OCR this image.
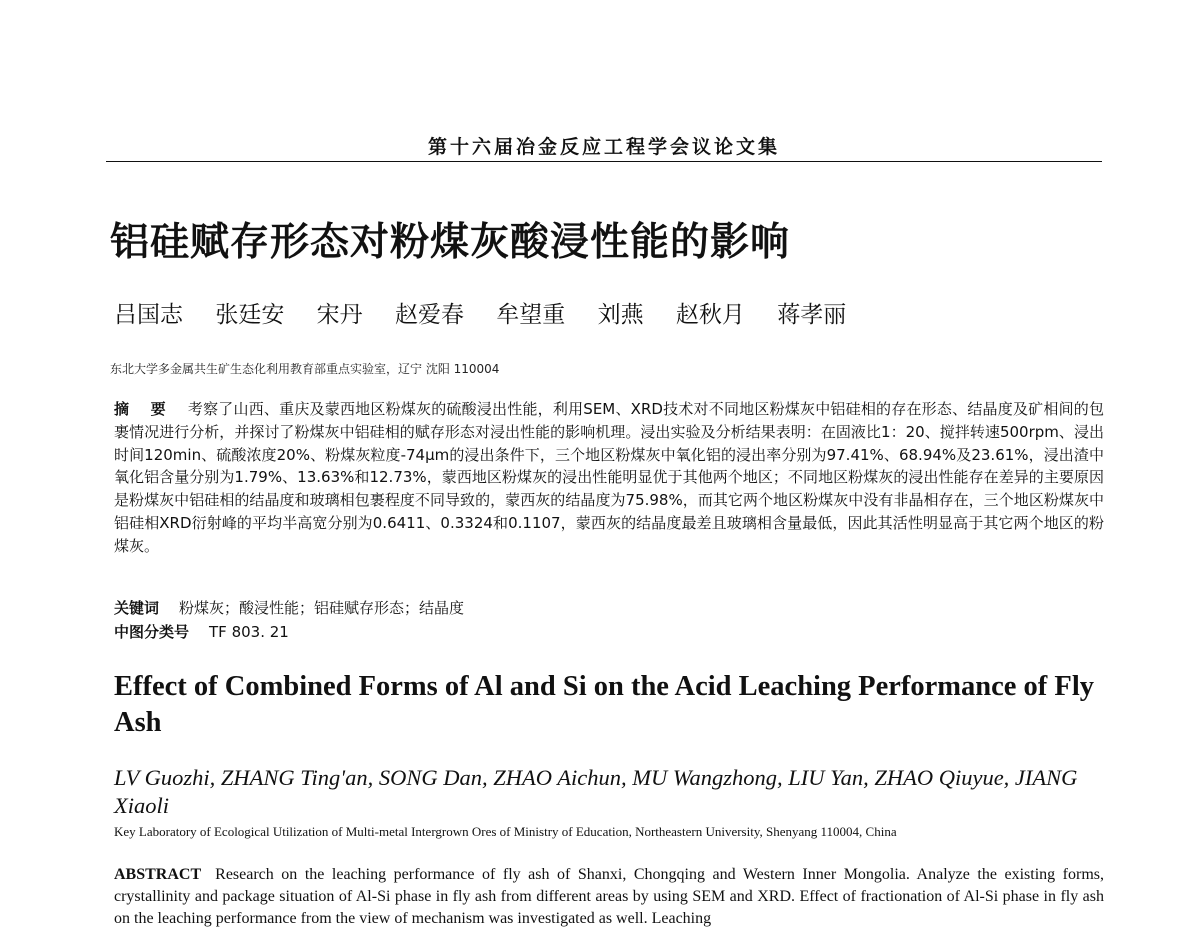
第十六届冶金反应工程学会议论文集
铝硅赋存形态对粉煤灰酸浸性能的影响

吕国志 张廷安 宋丹 赵爱春 牟望重 刘燕 赵秋月 蒋孝丽

东北大学多金属共生矿生态化利用教育部重点实验室，辽宁 沈阳 110004

摘 要 考察了山西、重庆及蒙西地区粉煤灰的硫酸浸出性能，利用SEM、XRD技术对不同地区粉煤灰中铝硅相的存在形态、结晶度及矿相间的包裹情况进行分析，并探讨了粉煤灰中铝硅相的赋存形态对浸出性能的影响机理。浸出实验及分析结果表明：在固液比1：20、搅拌转速500rpm、浸出时间120min、硫酸浓度20%、粉煤灰粒度-74μm的浸出条件下，三个地区粉煤灰中氧化铝的浸出率分别为97.41%、68.94%及23.61%，浸出渣中氧化铝含量分别为1.79%、13.63%和12.73%，蒙西地区粉煤灰的浸出性能明显优于其他两个地区；不同地区粉煤灰的浸出性能存在差异的主要原因是粉煤灰中铝硅相的结晶度和玻璃相包裹程度不同导致的，蒙西灰的结晶度为75.98%，而其它两个地区粉煤灰中没有非晶相存在，三个地区粉煤灰中铝硅相XRD衍射峰的平均半高宽分别为0.6411、0.3324和0.1107，蒙西灰的结晶度最差且玻璃相含量最低，因此其活性明显高于其它两个地区的粉煤灰。

关键词 粉煤灰；酸浸性能；铝硅赋存形态；结晶度
中图分类号 TF 803. 21
Effect of Combined Forms of Al and Si on the Acid Leaching Performance of Fly Ash

LV Guozhi, ZHANG Ting'an, SONG Dan, ZHAO Aichun, MU Wangzhong, LIU Yan, ZHAO Qiuyue, JIANG Xiaoli

Key Laboratory of Ecological Utilization of Multi-metal Intergrown Ores of Ministry of Education, Northeastern University, Shenyang 110004, China

ABSTRACT Research on the leaching performance of fly ash of Shanxi, Chongqing and Western Inner Mongolia. Analyze the existing forms, crystallinity and package situation of Al-Si phase in fly ash from different areas by using SEM and XRD. Effect of fractionation of Al-Si phase in fly ash on the leaching performance from the view of mechanism was investigated as well. Leaching
